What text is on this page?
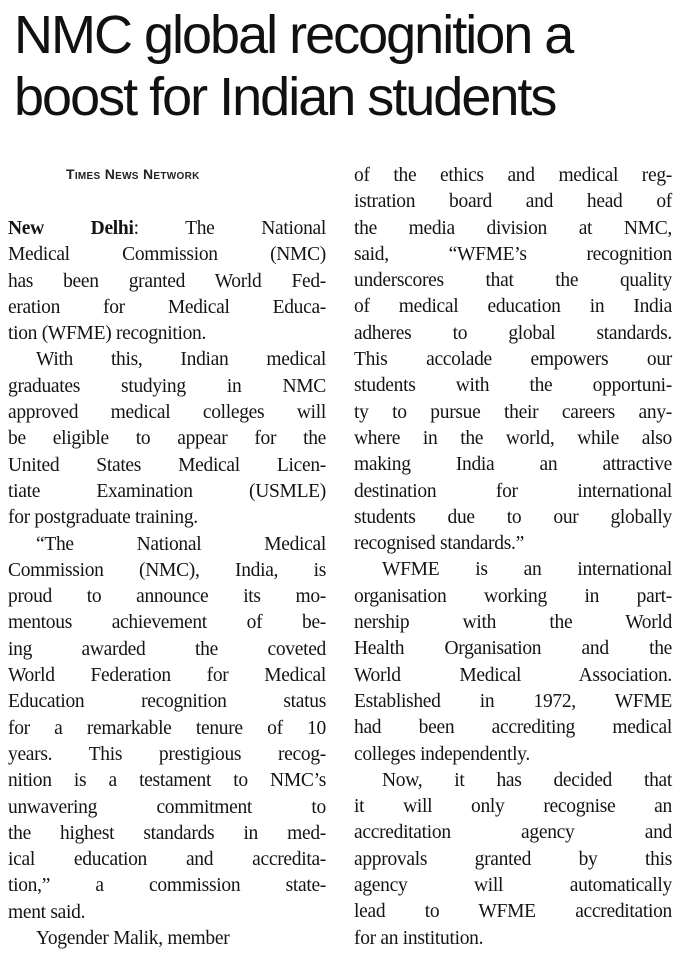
NMC global recognition a
boost for Indian students
Times News Network
New Delhi: The National
Medical Commission (NMC)
has been granted World Fed-
eration for Medical Educa-
tion (WFME) recognition.
With this, Indian medical
graduates studying in NMC
approved medical colleges will
be eligible to appear for the
United States Medical Licen-
tiate Examination (USMLE)
for postgraduate training.
“The National Medical
Commission (NMC), India, is
proud to announce its mo-
mentous achievement of be-
ing awarded the coveted
World Federation for Medical
Education recognition status
for a remarkable tenure of 10
years. This prestigious recog-
nition is a testament to NMC’s
unwavering commitment to
the highest standards in med-
ical education and accredita-
tion,” a commission state-
ment said.
Yogender Malik, member
of the ethics and medical reg-
istration board and head of
the media division at NMC,
said, “WFME’s recognition
underscores that the quality
of medical education in India
adheres to global standards.
This accolade empowers our
students with the opportuni-
ty to pursue their careers any-
where in the world, while also
making India an attractive
destination for international
students due to our globally
recognised standards.”
WFME is an international
organisation working in part-
nership with the World
Health Organisation and the
World Medical Association.
Established in 1972, WFME
had been accrediting medical
colleges independently.
Now, it has decided that
it will only recognise an
accreditation agency and
approvals granted by this
agency will automatically
lead to WFME accreditation
for an institution.
